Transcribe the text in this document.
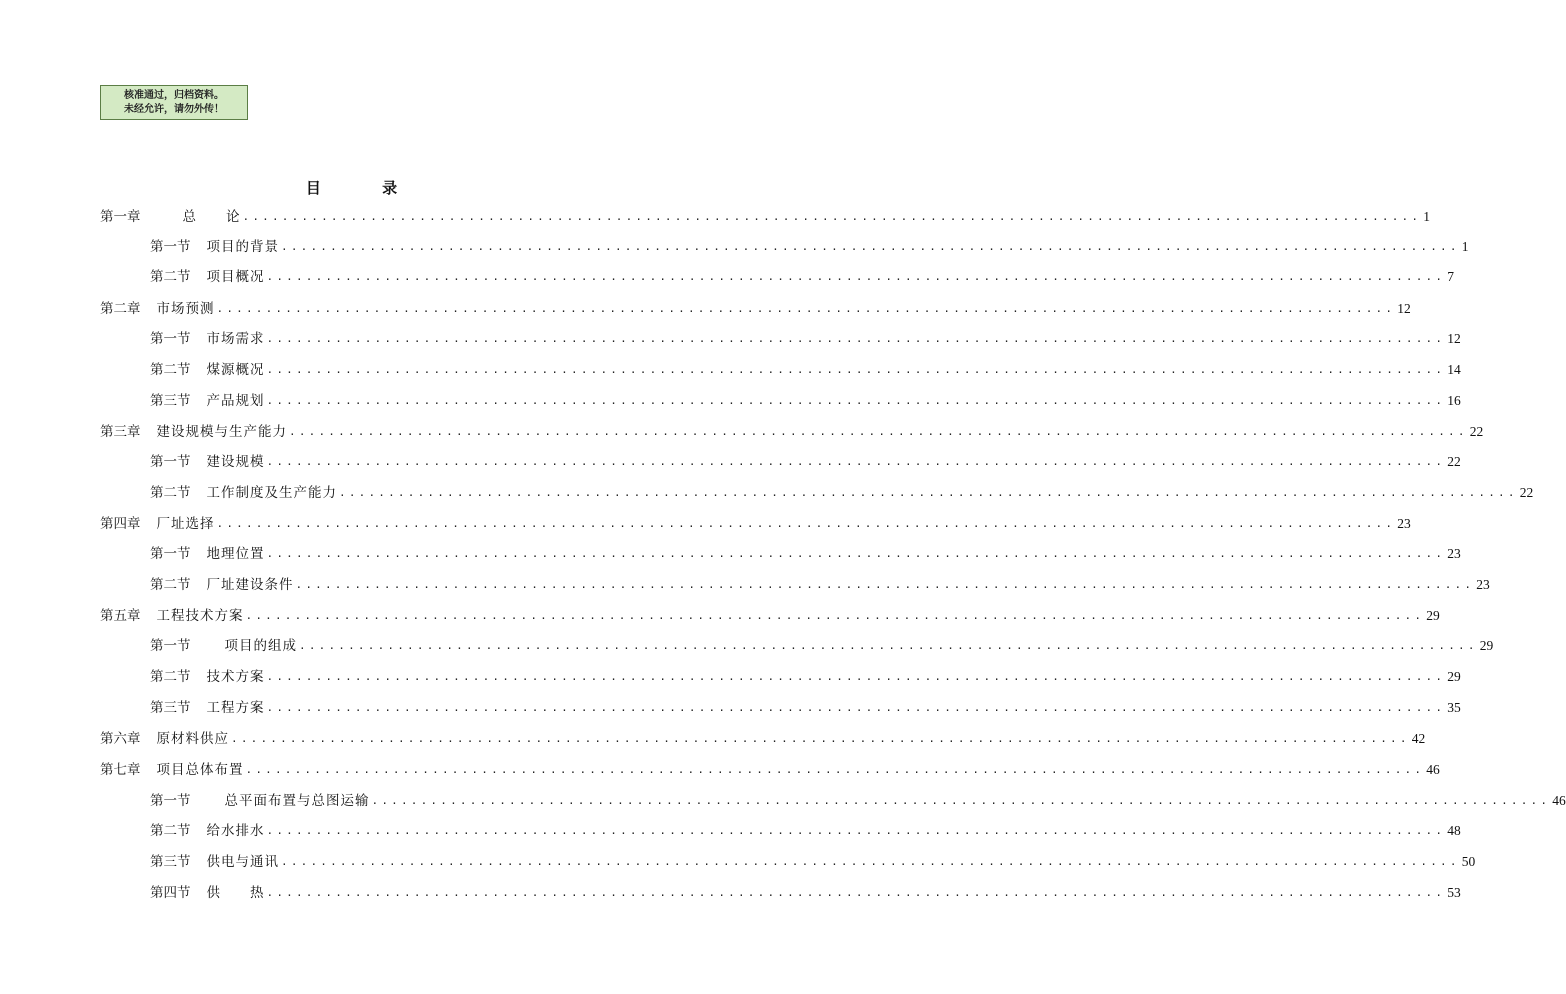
核准通过，归档资料。
未经允许，请勿外传！
目 录
第一章	总　　论 ........................................................................................................................ 1
第一节 项目的背景 ........................................................................................................................ 1
第二节 项目概况 ........................................................................................................................ 7
第二章 市场预测 ........................................................................................................................ 12
第一节 市场需求 ........................................................................................................................ 12
第二节 煤源概况 ........................................................................................................................ 14
第三节 产品规划 ........................................................................................................................ 16
第三章 建设规模与生产能力 ........................................................................................................................ 22
第一节 建设规模 ........................................................................................................................ 22
第二节 工作制度及生产能力 ........................................................................................................................ 22
第四章 厂址选择 ........................................................................................................................ 23
第一节 地理位置 ........................................................................................................................ 23
第二节 厂址建设条件 ........................................................................................................................ 23
第五章 工程技术方案 ........................................................................................................................ 29
第一节	项目的组成 ........................................................................................................................ 29
第二节 技术方案 ........................................................................................................................ 29
第三节 工程方案 ........................................................................................................................ 35
第六章 原材料供应 ........................................................................................................................ 42
第七章 项目总体布置 ........................................................................................................................ 46
第一节	总平面布置与总图运输 ........................................................................................................................ 46
第二节 给水排水 ........................................................................................................................ 48
第三节 供电与通讯 ........................................................................................................................ 50
第四节 供　　热 ........................................................................................................................ 53
